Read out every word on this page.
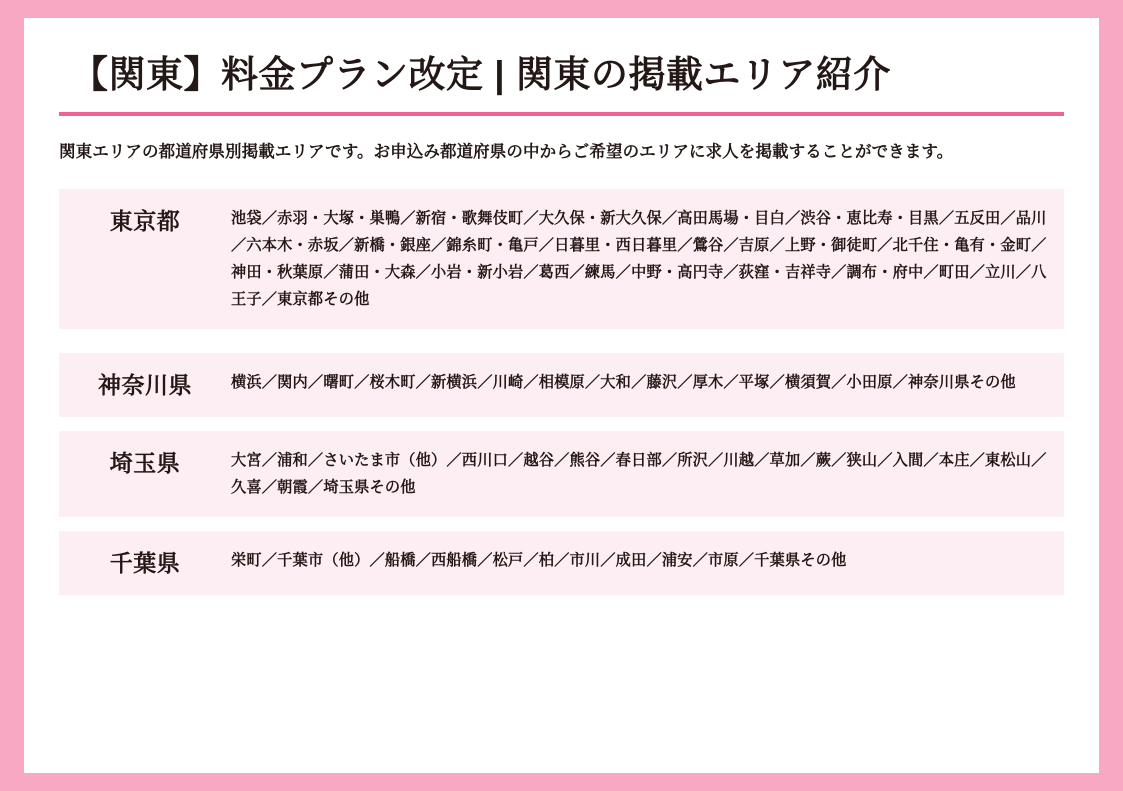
【関東】料金プラン改定 | 関東の掲載エリア紹介

関東エリアの都道府県別掲載エリアです。お申込み都道府県の中からご希望のエリアに求人を掲載することができます。

東京都	池袋／赤羽・大塚・巣鴨／新宿・歌舞伎町／大久保・新大久保／高田馬場・目白／渋谷・恵比寿・目黒／五反田／品川／六本木・赤坂／新橋・銀座／錦糸町・亀戸／日暮里・西日暮里／鶯谷／吉原／上野・御徒町／北千住・亀有・金町／神田・秋葉原／蒲田・大森／小岩・新小岩／葛西／練馬／中野・高円寺／荻窪・吉祥寺／調布・府中／町田／立川／八王子／東京都その他
神奈川県	横浜／関内／曙町／桜木町／新横浜／川崎／相模原／大和／藤沢／厚木／平塚／横須賀／小田原／神奈川県その他
埼玉県	大宮／浦和／さいたま市（他）／西川口／越谷／熊谷／春日部／所沢／川越／草加／蕨／狭山／入間／本庄／東松山／久喜／朝霞／埼玉県その他
千葉県	栄町／千葉市（他）／船橋／西船橋／松戸／柏／市川／成田／浦安／市原／千葉県その他
